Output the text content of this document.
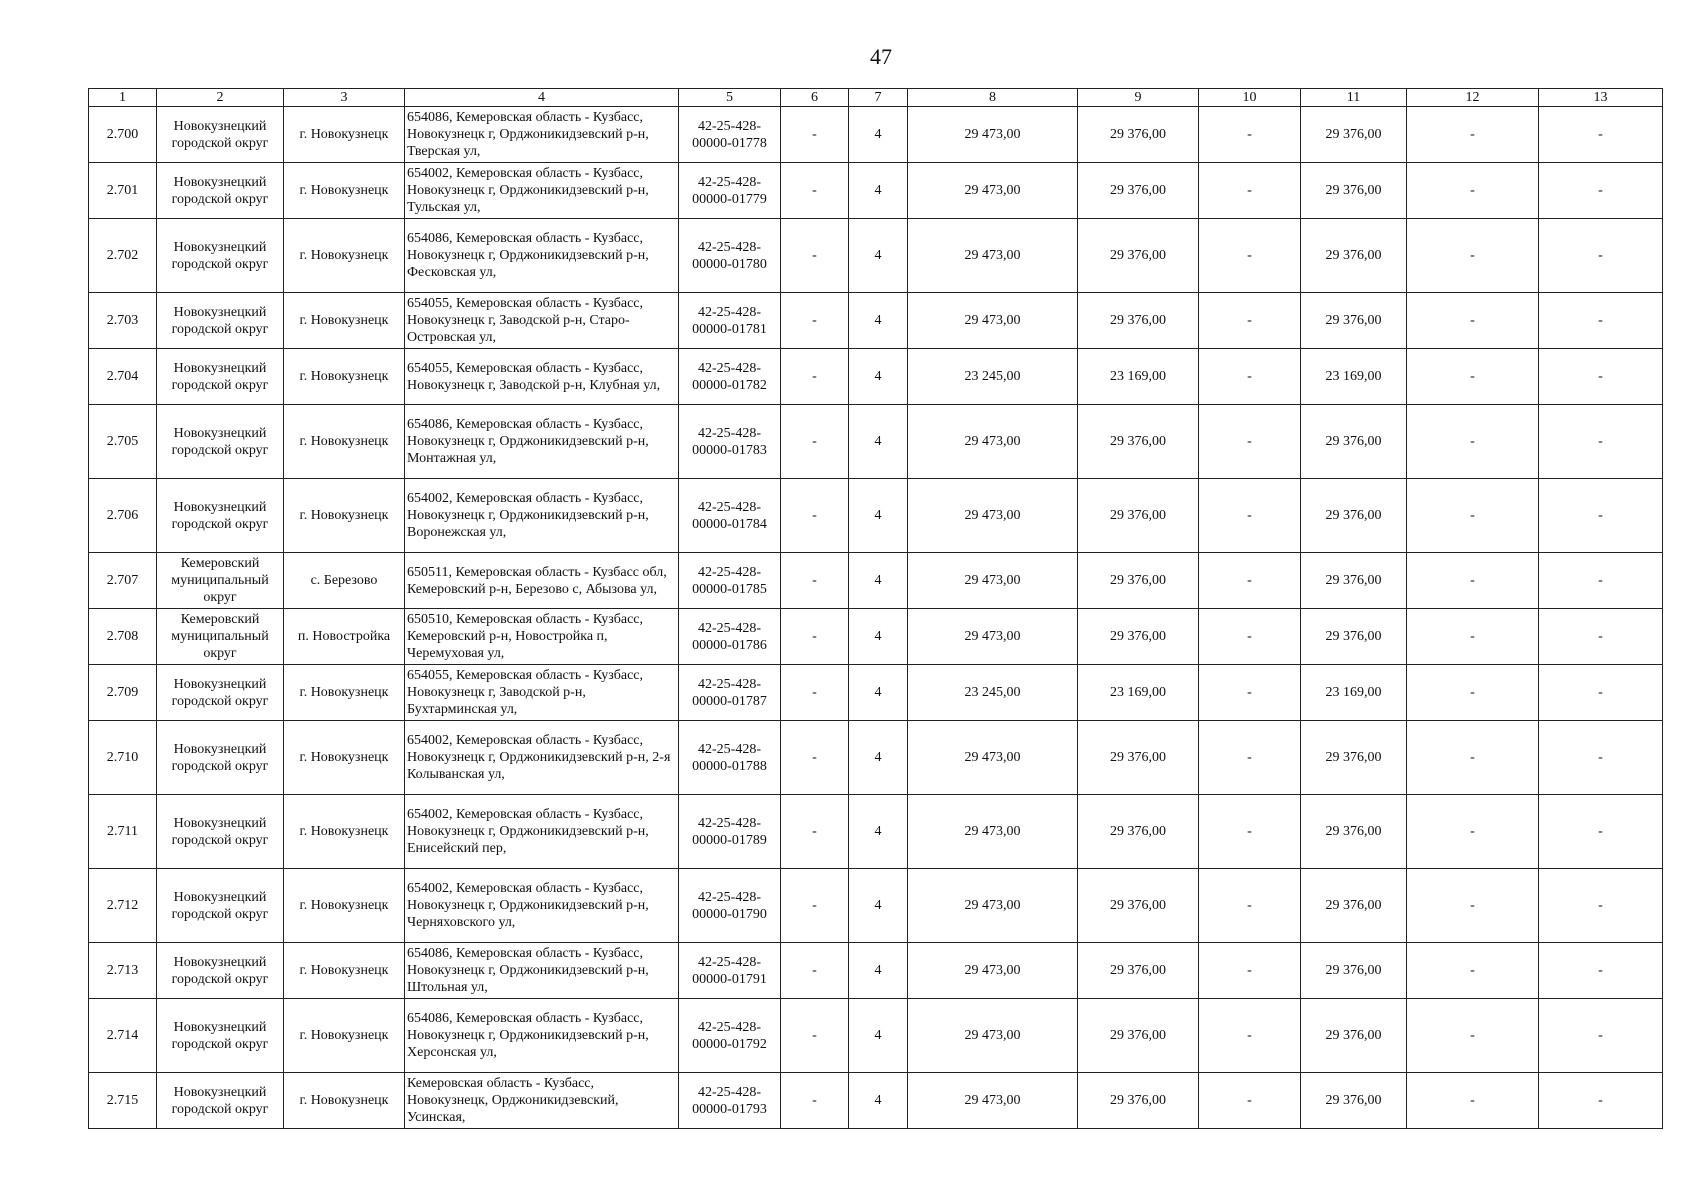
47
1	2	3	4	5	6	7	8	9	10	11	12	13
2.700	Новокузнецкий городской округ	г. Новокузнецк	654086, Кемеровская область - Кузбасс, Новокузнецк г, Орджоникидзевский р-н, Тверская ул,	42-25-428-00000-01778	-	4	29 473,00	29 376,00	-	29 376,00	-	-
2.701	Новокузнецкий городской округ	г. Новокузнецк	654002, Кемеровская область - Кузбасс, Новокузнецк г, Орджоникидзевский р-н, Тульская ул,	42-25-428-00000-01779	-	4	29 473,00	29 376,00	-	29 376,00	-	-
2.702	Новокузнецкий городской округ	г. Новокузнецк	654086, Кемеровская область - Кузбасс, Новокузнецк г, Орджоникидзевский р-н, Фесковская ул,	42-25-428-00000-01780	-	4	29 473,00	29 376,00	-	29 376,00	-	-
2.703	Новокузнецкий городской округ	г. Новокузнецк	654055, Кемеровская область - Кузбасс, Новокузнецк г, Заводской р-н, Старо-Островская ул,	42-25-428-00000-01781	-	4	29 473,00	29 376,00	-	29 376,00	-	-
2.704	Новокузнецкий городской округ	г. Новокузнецк	654055, Кемеровская область - Кузбасс, Новокузнецк г, Заводской р-н, Клубная ул,	42-25-428-00000-01782	-	4	23 245,00	23 169,00	-	23 169,00	-	-
2.705	Новокузнецкий городской округ	г. Новокузнецк	654086, Кемеровская область - Кузбасс, Новокузнецк г, Орджоникидзевский р-н, Монтажная ул,	42-25-428-00000-01783	-	4	29 473,00	29 376,00	-	29 376,00	-	-
2.706	Новокузнецкий городской округ	г. Новокузнецк	654002, Кемеровская область - Кузбасс, Новокузнецк г, Орджоникидзевский р-н, Воронежская ул,	42-25-428-00000-01784	-	4	29 473,00	29 376,00	-	29 376,00	-	-
2.707	Кемеровский муниципальный округ	с. Березово	650511, Кемеровская область - Кузбасс обл, Кемеровский р-н, Березово с, Абызова ул,	42-25-428-00000-01785	-	4	29 473,00	29 376,00	-	29 376,00	-	-
2.708	Кемеровский муниципальный округ	п. Новостройка	650510, Кемеровская область - Кузбасс, Кемеровский р-н, Новостройка п, Черемуховая ул,	42-25-428-00000-01786	-	4	29 473,00	29 376,00	-	29 376,00	-	-
2.709	Новокузнецкий городской округ	г. Новокузнецк	654055, Кемеровская область - Кузбасс, Новокузнецк г, Заводской р-н, Бухтарминская ул,	42-25-428-00000-01787	-	4	23 245,00	23 169,00	-	23 169,00	-	-
2.710	Новокузнецкий городской округ	г. Новокузнецк	654002, Кемеровская область - Кузбасс, Новокузнецк г, Орджоникидзевский р-н, 2-я Колыванская ул,	42-25-428-00000-01788	-	4	29 473,00	29 376,00	-	29 376,00	-	-
2.711	Новокузнецкий городской округ	г. Новокузнецк	654002, Кемеровская область - Кузбасс, Новокузнецк г, Орджоникидзевский р-н, Енисейский пер,	42-25-428-00000-01789	-	4	29 473,00	29 376,00	-	29 376,00	-	-
2.712	Новокузнецкий городской округ	г. Новокузнецк	654002, Кемеровская область - Кузбасс, Новокузнецк г, Орджоникидзевский р-н, Черняховского ул,	42-25-428-00000-01790	-	4	29 473,00	29 376,00	-	29 376,00	-	-
2.713	Новокузнецкий городской округ	г. Новокузнецк	654086, Кемеровская область - Кузбасс, Новокузнецк г, Орджоникидзевский р-н, Штольная ул,	42-25-428-00000-01791	-	4	29 473,00	29 376,00	-	29 376,00	-	-
2.714	Новокузнецкий городской округ	г. Новокузнецк	654086, Кемеровская область - Кузбасс, Новокузнецк г, Орджоникидзевский р-н, Херсонская ул,	42-25-428-00000-01792	-	4	29 473,00	29 376,00	-	29 376,00	-	-
2.715	Новокузнецкий городской округ	г. Новокузнецк	Кемеровская область - Кузбасс, Новокузнецк, Орджоникидзевский, Усинская,	42-25-428-00000-01793	-	4	29 473,00	29 376,00	-	29 376,00	-	-
